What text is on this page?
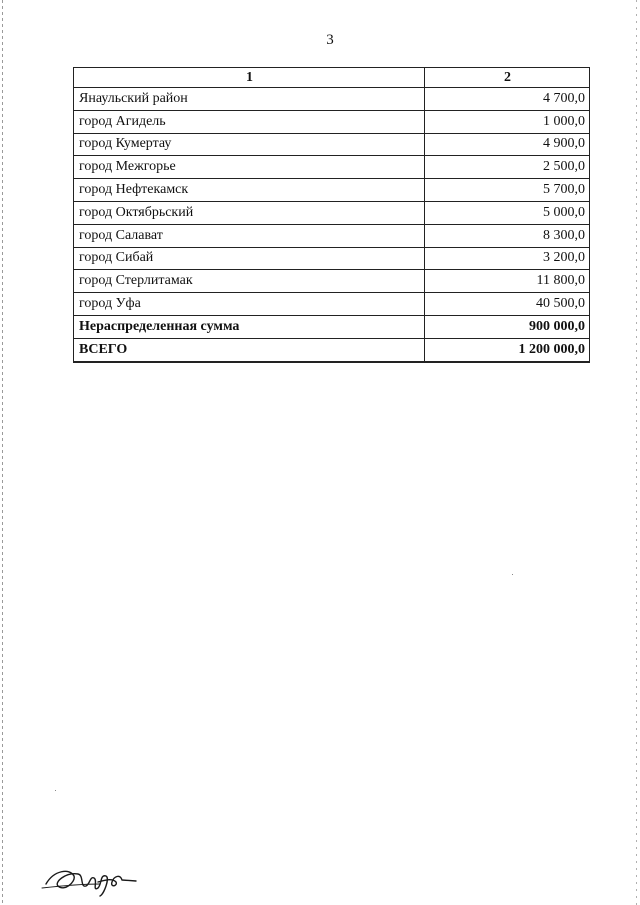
3
1	2
Янаульский район	4 700,0
город Агидель	1 000,0
город Кумертау	4 900,0
город Межгорье	2 500,0
город Нефтекамск	5 700,0
город Октябрьский	5 000,0
город Салават	8 300,0
город Сибай	3 200,0
город Стерлитамак	11 800,0
город Уфа	40 500,0
Нераспределенная сумма	900 000,0
ВСЕГО	1 200 000,0
